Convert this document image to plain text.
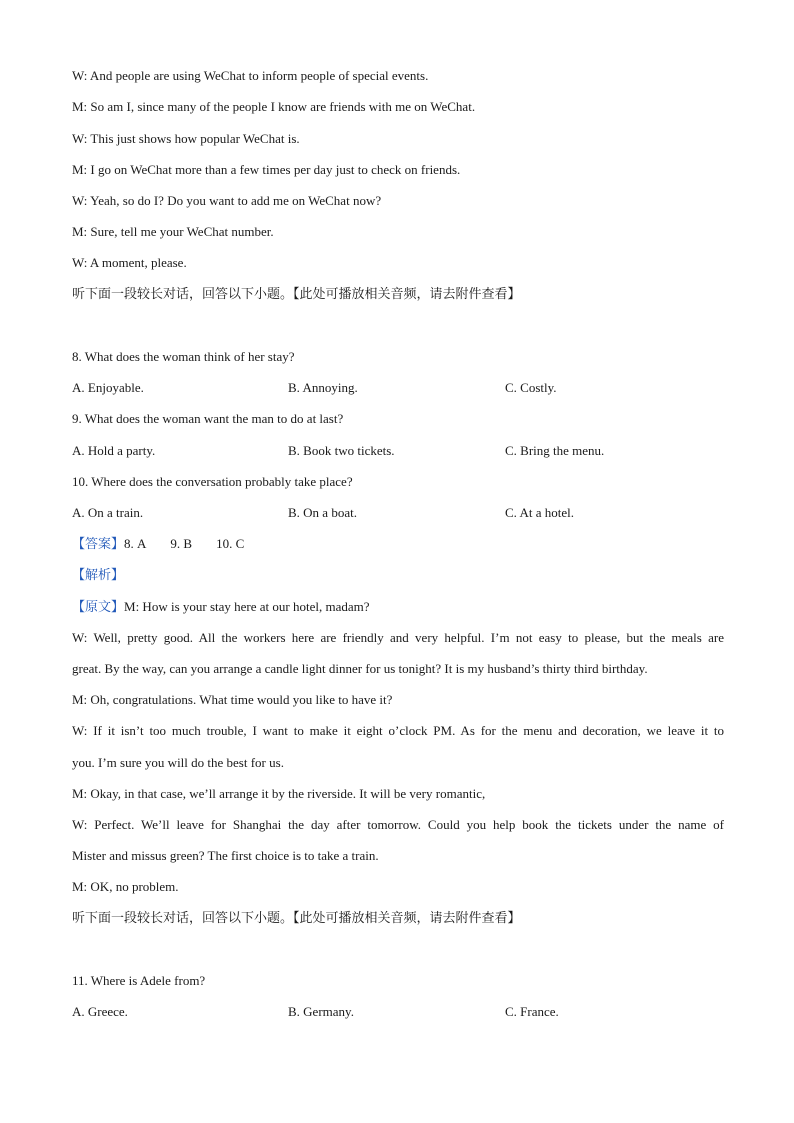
W: And people are using WeChat to inform people of special events.
M: So am I, since many of the people I know are friends with me on WeChat.
W: This just shows how popular WeChat is.
M: I go on WeChat more than a few times per day just to check on friends.
W: Yeah, so do I? Do you want to add me on WeChat now?
M: Sure, tell me your WeChat number.
W: A moment, please.
听下面一段较长对话，回答以下小题。【此处可播放相关音频，请去附件查看】
8. What does the woman think of her stay?
A. Enjoyable.	B. Annoying.	C. Costly.
9. What does the woman want the man to do at last?
A. Hold a party.	B. Book two tickets.	C. Bring the menu.
10. Where does the conversation probably take place?
A. On a train.	B. On a boat.	C. At a hotel.
【答案】8. A 9. B 10. C
【解析】
【原文】M: How is your stay here at our hotel, madam?
W: Well, pretty good. All the workers here are friendly and very helpful. I’m not easy to please, but the meals are
great. By the way, can you arrange a candle light dinner for us tonight? It is my husband’s thirty third birthday.
M: Oh, congratulations. What time would you like to have it?
W: If it isn’t too much trouble, I want to make it eight o’clock PM. As for the menu and decoration, we leave it to
you. I’m sure you will do the best for us.
M: Okay, in that case, we’ll arrange it by the riverside. It will be very romantic,
W: Perfect. We’ll leave for Shanghai the day after tomorrow. Could you help book the tickets under the name of
Mister and missus green? The first choice is to take a train.
M: OK, no problem.
听下面一段较长对话，回答以下小题。【此处可播放相关音频，请去附件查看】
11. Where is Adele from?
A. Greece.	B. Germany.	C. France.
